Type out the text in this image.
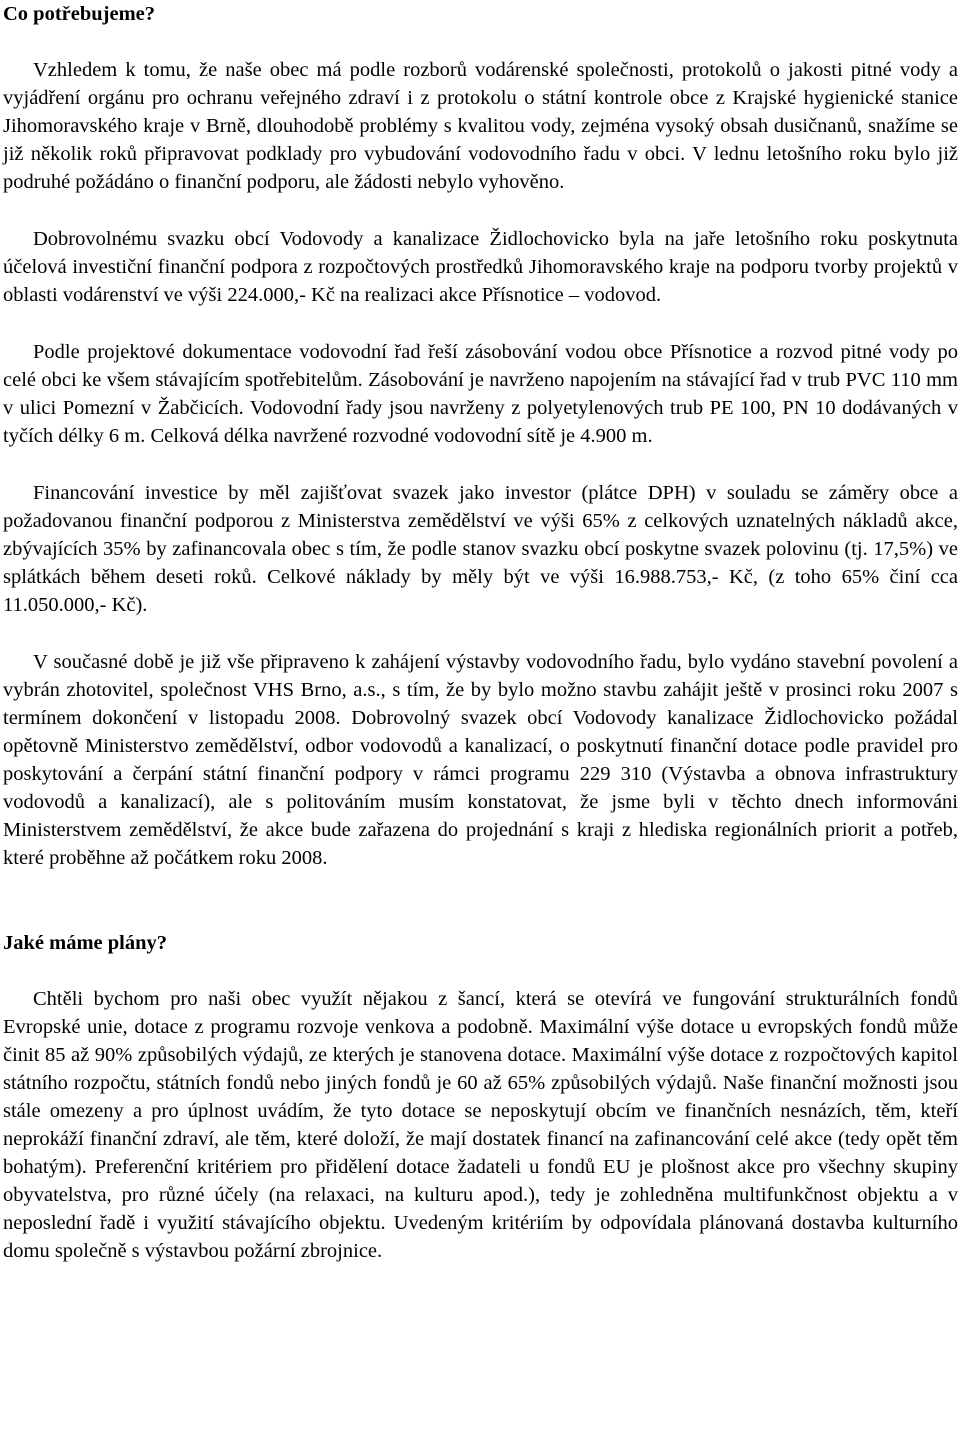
Co potřebujeme?

Vzhledem k tomu, že naše obec má podle rozborů vodárenské společnosti, protokolů o jakosti pitné vody a vyjádření orgánu pro ochranu veřejného zdraví i z protokolu o státní kontrole obce z Krajské hygienické stanice Jihomoravského kraje v Brně, dlouhodobě problémy s kvalitou vody, zejména vysoký obsah dusičnanů, snažíme se již několik roků připravovat podklady pro vybudování vodovodního řadu v obci. V lednu letošního roku bylo již podruhé požádáno o finanční podporu, ale žádosti nebylo vyhověno.

Dobrovolnému svazku obcí Vodovody a kanalizace Židlochovicko byla na jaře letošního roku poskytnuta účelová investiční finanční podpora z rozpočtových prostředků Jihomoravského kraje na podporu tvorby projektů v oblasti vodárenství ve výši 224.000,- Kč na realizaci akce Přísnotice – vodovod.

Podle projektové dokumentace vodovodní řad řeší zásobování vodou obce Přísnotice a rozvod pitné vody po celé obci ke všem stávajícím spotřebitelům. Zásobování je navrženo napojením na stávající řad v trub PVC 110 mm v ulici Pomezní v Žabčicích. Vodovodní řady jsou navrženy z polyetylenových trub PE 100, PN 10 dodávaných v tyčích délky 6 m. Celková délka navržené rozvodné vodovodní sítě je 4.900 m.

Financování investice by měl zajišťovat svazek jako investor (plátce DPH) v souladu se záměry obce a požadovanou finanční podporou z Ministerstva zemědělství ve výši 65% z celkových uznatelných nákladů akce, zbývajících 35% by zafinancovala obec s tím, že podle stanov svazku obcí poskytne svazek polovinu (tj. 17,5%) ve splátkách během deseti roků. Celkové náklady by měly být ve výši 16.988.753,- Kč, (z toho 65% činí cca 11.050.000,- Kč).

V současné době je již vše připraveno k zahájení výstavby vodovodního řadu, bylo vydáno stavební povolení a vybrán zhotovitel, společnost VHS Brno, a.s., s tím, že by bylo možno stavbu zahájit ještě v prosinci roku 2007 s termínem dokončení v listopadu 2008. Dobrovolný svazek obcí Vodovody kanalizace Židlochovicko požádal opětovně Ministerstvo zemědělství, odbor vodovodů a kanalizací, o poskytnutí finanční dotace podle pravidel pro poskytování a čerpání státní finanční podpory v rámci programu 229 310 (Výstavba a obnova infrastruktury vodovodů a kanalizací), ale s politováním musím konstatovat, že jsme byli v těchto dnech informováni Ministerstvem zemědělství, že akce bude zařazena do projednání s kraji z hlediska regionálních priorit a potřeb, které proběhne až počátkem roku 2008.

Jaké máme plány?

Chtěli bychom pro naši obec využít nějakou z šancí, která se otevírá ve fungování strukturálních fondů Evropské unie, dotace z programu rozvoje venkova a podobně. Maximální výše dotace u evropských fondů může činit 85 až 90% způsobilých výdajů, ze kterých je stanovena dotace. Maximální výše dotace z rozpočtových kapitol státního rozpočtu, státních fondů nebo jiných fondů je 60 až 65% způsobilých výdajů. Naše finanční možnosti jsou stále omezeny a pro úplnost uvádím, že tyto dotace se neposkytují obcím ve finančních nesnázích, těm, kteří neprokáží finanční zdraví, ale těm, které doloží, že mají dostatek financí na zafinancování celé akce (tedy opět těm bohatým). Preferenční kritériem pro přidělení dotace žadateli u fondů EU je plošnost akce pro všechny skupiny obyvatelstva, pro různé účely (na relaxaci, na kulturu apod.), tedy je zohledněna multifunkčnost objektu a v neposlední řadě i využití stávajícího objektu. Uvedeným kritériím by odpovídala plánovaná dostavba kulturního domu společně s výstavbou požární zbrojnice.
